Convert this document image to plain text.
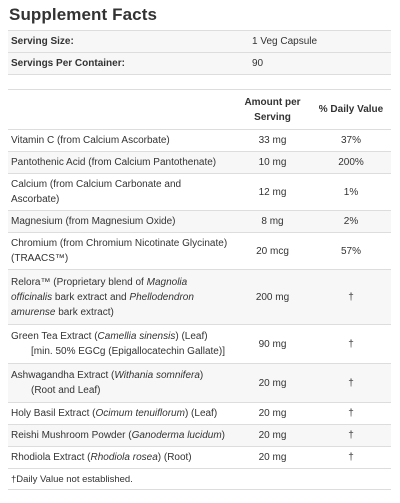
Supplement Facts
Serving Size:	1 Veg Capsule	
Servings Per Container:	90	

	Amount per Serving	% Daily Value
Vitamin C (from Calcium Ascorbate)	33 mg	37%
Pantothenic Acid (from Calcium Pantothenate)	10 mg	200%
Calcium (from Calcium Carbonate and Ascorbate)	12 mg	1%
Magnesium (from Magnesium Oxide)	8 mg	2%
Chromium (from Chromium Nicotinate Glycinate)(TRAACS™)	20 mcg	57%
Relora™ (Proprietary blend of Magnolia officinalis bark extract and Phellodendron amurense bark extract)	200 mg	†
Green Tea Extract (Camellia sinensis) (Leaf)
[min. 50% EGCg (Epigallocatechin Gallate)]	90 mg	†
Ashwagandha Extract (Withania somnifera)
(Root and Leaf)	20 mg	†
Holy Basil Extract (Ocimum tenuiflorum) (Leaf)	20 mg	†
Reishi Mushroom Powder (Ganoderma lucidum)	20 mg	†
Rhodiola Extract (Rhodiola rosea) (Root)	20 mg	†
†Daily Value not established.		
